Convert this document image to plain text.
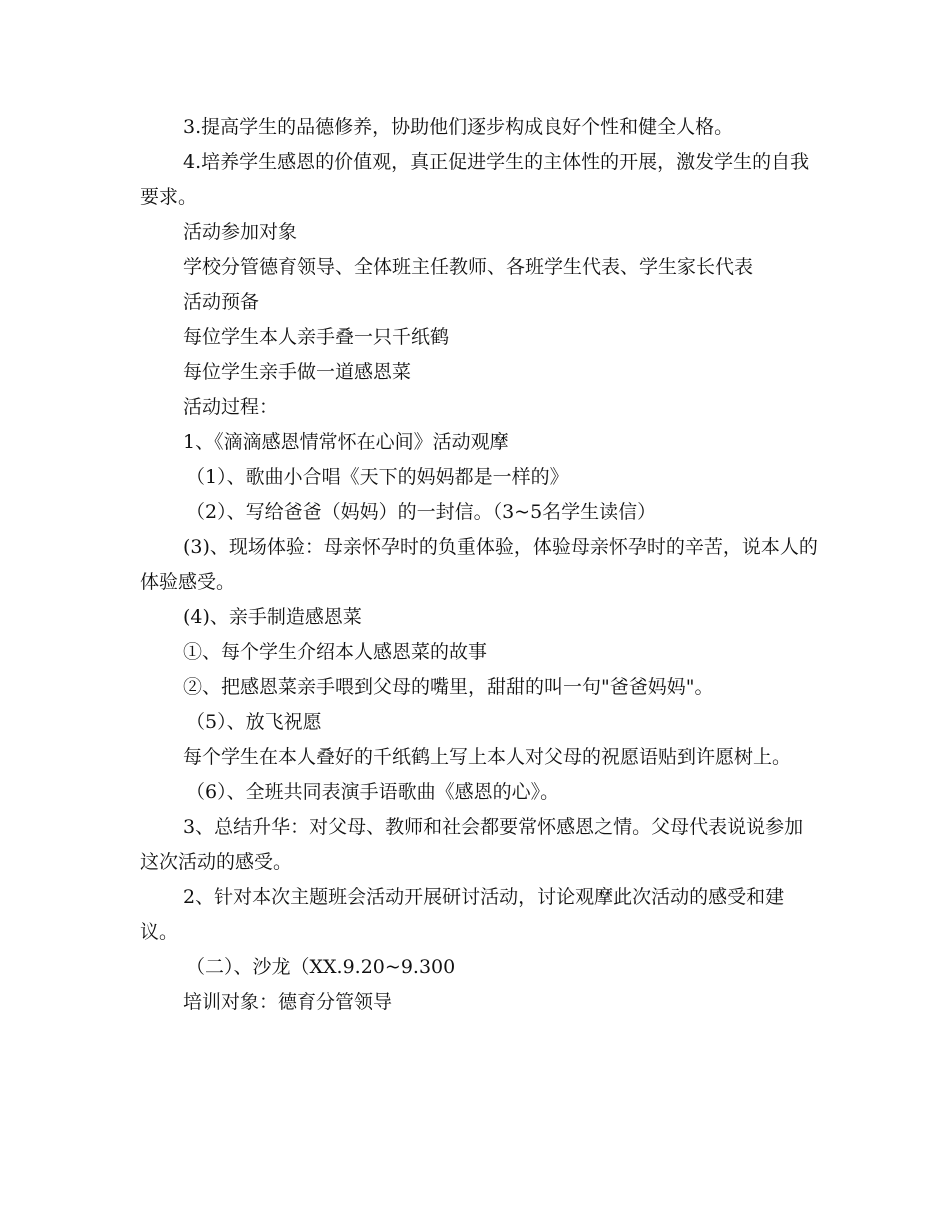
3.提高学生的品德修养，协助他们逐步构成良好个性和健全人格。

4.培养学生感恩的价值观，真正促进学生的主体性的开展，激发学生的自我要求。

活动参加对象

学校分管德育领导、全体班主任教师、各班学生代表、学生家长代表

活动预备

每位学生本人亲手叠一只千纸鹤

每位学生亲手做一道感恩菜

活动过程：

1、《滴滴感恩情常怀在心间》活动观摩

（1）、歌曲小合唱《天下的妈妈都是一样的》

（2）、写给爸爸（妈妈）的一封信。（3~5名学生读信）

(3)、现场体验：母亲怀孕时的负重体验，体验母亲怀孕时的辛苦，说本人的体验感受。

(4)、亲手制造感恩菜

①、每个学生介绍本人感恩菜的故事

②、把感恩菜亲手喂到父母的嘴里，甜甜的叫一句"爸爸妈妈"。

（5）、放飞祝愿

每个学生在本人叠好的千纸鹤上写上本人对父母的祝愿语贴到许愿树上。

（6）、全班共同表演手语歌曲《感恩的心》。

3、总结升华：对父母、教师和社会都要常怀感恩之情。父母代表说说参加这次活动的感受。

2、针对本次主题班会活动开展研讨活动，讨论观摩此次活动的感受和建议。

（二）、沙龙（XX.9.20~9.300

培训对象：德育分管领导
